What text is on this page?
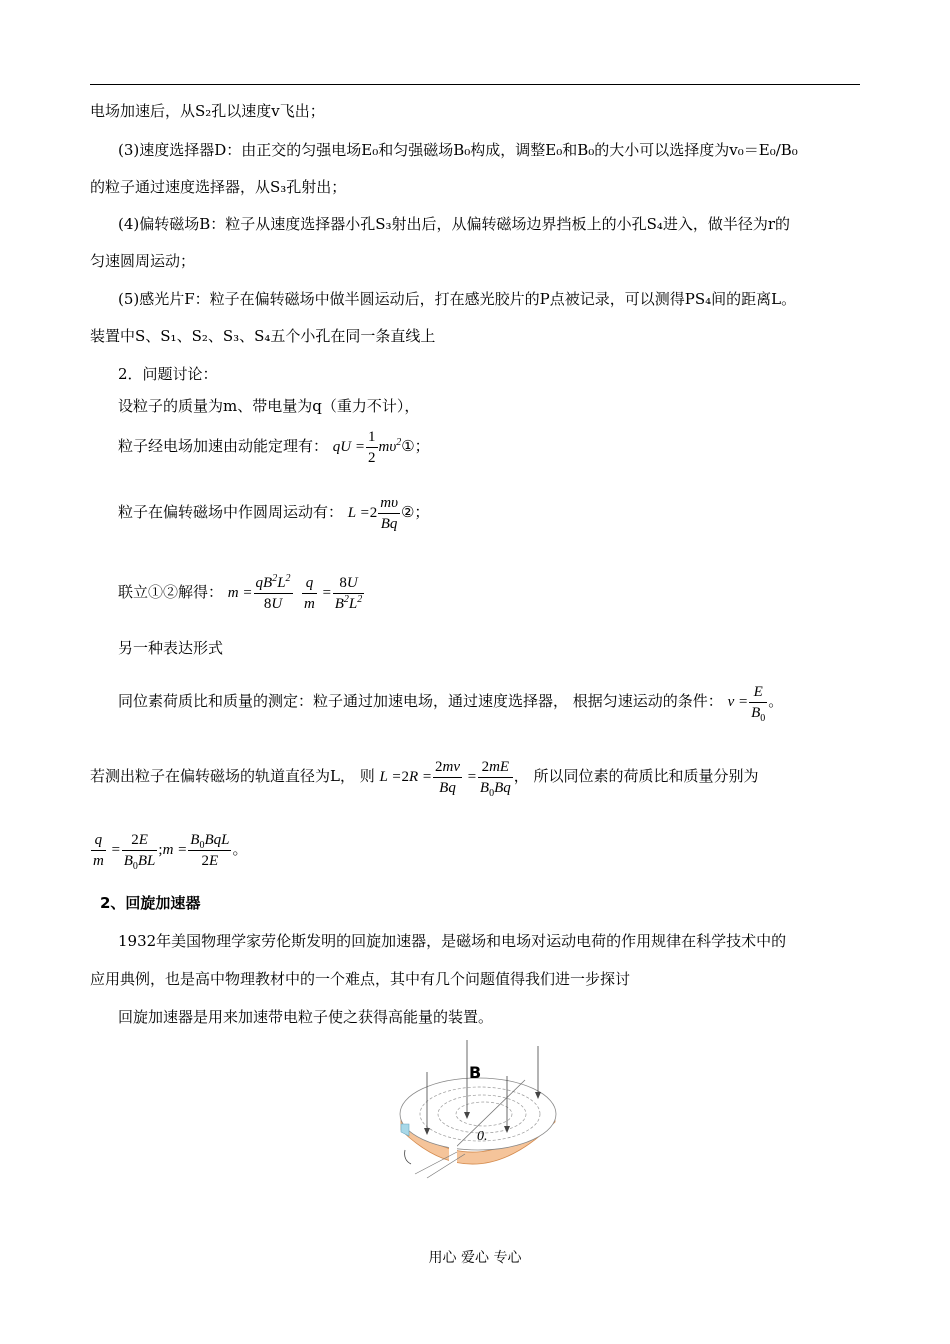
电场加速后，从S₂孔以速度v飞出；
(3)速度选择器D：由正交的匀强电场E₀和匀强磁场B₀构成，调整E₀和B₀的大小可以选择度为v₀＝E₀/B₀
的粒子通过速度选择器，从S₃孔射出；
(4)偏转磁场B：粒子从速度选择器小孔S₃射出后，从偏转磁场边界挡板上的小孔S₄进入，做半径为r的
匀速圆周运动；
(5)感光片F：粒子在偏转磁场中做半圆运动后，打在感光胶片的P点被记录，可以测得PS₄间的距离L。
装置中S、S₁、S₂、S₃、S₄五个小孔在同一条直线上
2．问题讨论：
设粒子的质量为m、带电量为q（重力不计），
粒子经电场加速由动能定理有： qU = $\frac{1}{2}$ $m\upsilon^2①$；
粒子在偏转磁场中作圆周运动有： $L =2 \frac{m\upsilon}{Bq}$ ②；
联立①②解得： $m = \frac{qB^2L^2}{8U}$
$\frac{q}{m} = \frac{8U}{B^2L^2}$
另一种表达形式
同位素荷质比和质量的测定：粒子通过加速电场，通过速度选择器， 根据匀速运动的条件： $v = \frac{E}{B_0}$ 。
若测出粒子在偏转磁场的轨道直径为L， 则 $L =2R = \frac{2mv}{Bq} = \frac{2mE}{B_0Bq}$ ， 所以同位素的荷质比和质量分别为
$\frac{q}{m} = \frac{2E}{B_0BL}$ ;m = $\frac{B_0BqL}{2E}$ 。
2、回旋加速器
1932年美国物理学家劳伦斯发明的回旋加速器，是磁场和电场对运动电荷的作用规律在科学技术中的
应用典例，也是高中物理教材中的一个难点，其中有几个问题值得我们进一步探讨
回旋加速器是用来加速带电粒子使之获得高能量的装置。
B
0.
用心 爱心 专心
